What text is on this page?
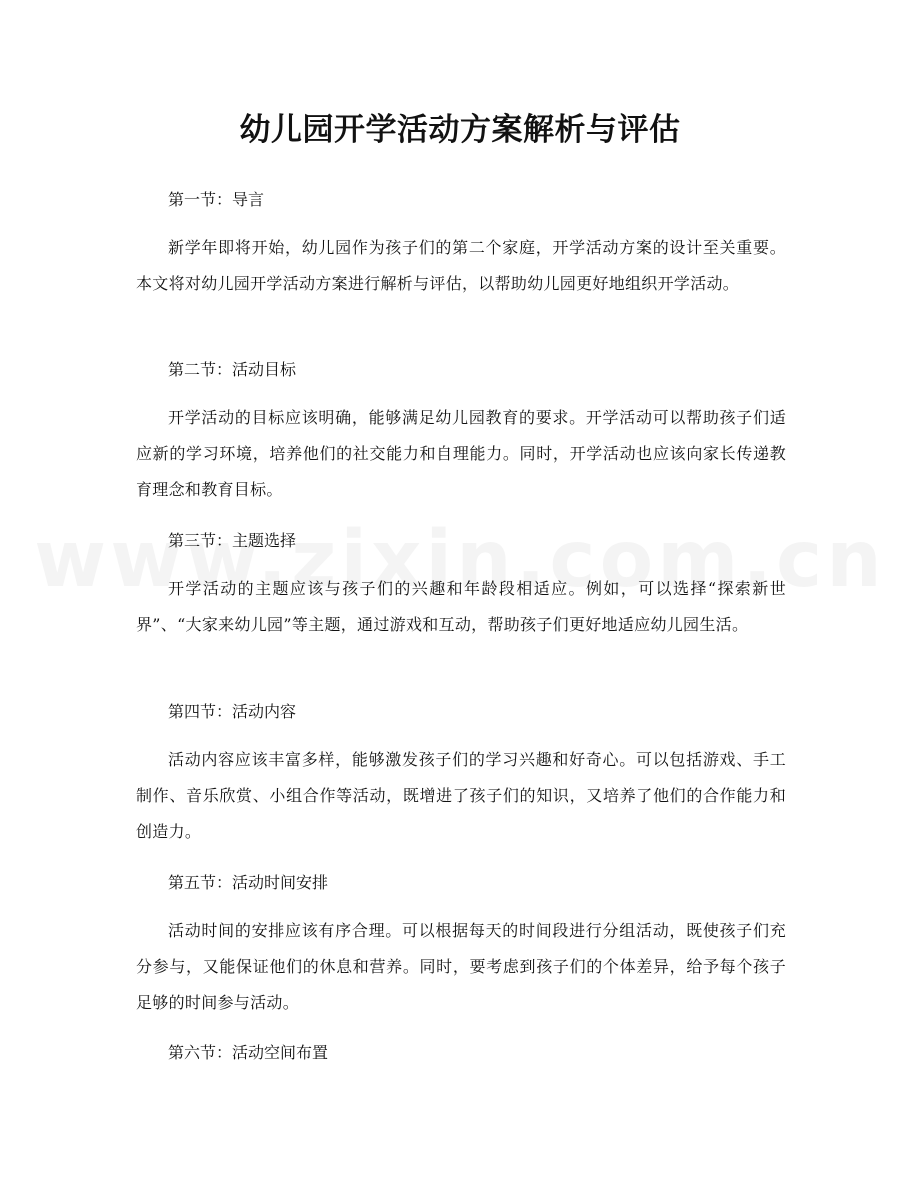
幼儿园开学活动方案解析与评估

第一节：导言

新学年即将开始，幼儿园作为孩子们的第二个家庭，开学活动方案的设计至关重要。本文将对幼儿园开学活动方案进行解析与评估，以帮助幼儿园更好地组织开学活动。

第二节：活动目标

开学活动的目标应该明确，能够满足幼儿园教育的要求。开学活动可以帮助孩子们适应新的学习环境，培养他们的社交能力和自理能力。同时，开学活动也应该向家长传递教育理念和教育目标。

第三节：主题选择

开学活动的主题应该与孩子们的兴趣和年龄段相适应。例如，可以选择“探索新世界”、“大家来幼儿园”等主题，通过游戏和互动，帮助孩子们更好地适应幼儿园生活。

第四节：活动内容

活动内容应该丰富多样，能够激发孩子们的学习兴趣和好奇心。可以包括游戏、手工制作、音乐欣赏、小组合作等活动，既增进了孩子们的知识，又培养了他们的合作能力和创造力。

第五节：活动时间安排

活动时间的安排应该有序合理。可以根据每天的时间段进行分组活动，既使孩子们充分参与，又能保证他们的休息和营养。同时，要考虑到孩子们的个体差异，给予每个孩子足够的时间参与活动。

第六节：活动空间布置
